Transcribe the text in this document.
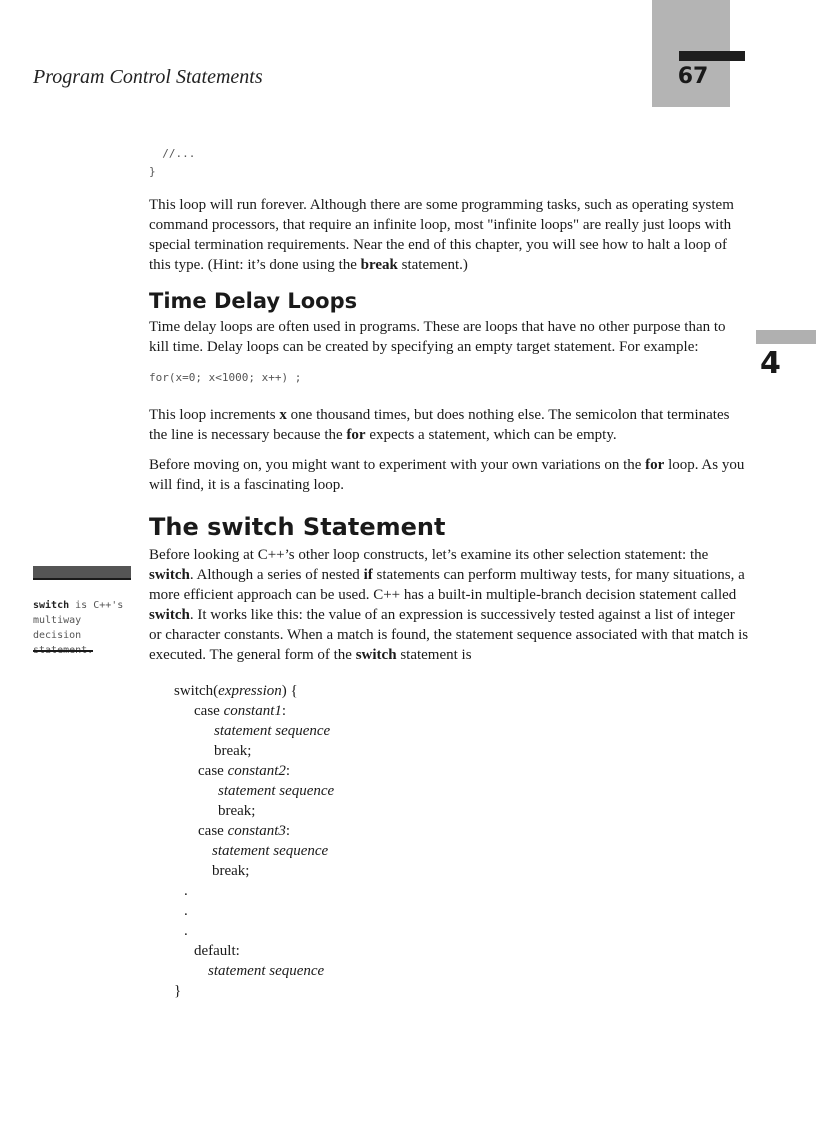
Program Control Statements	67
4
switch is C++'s multiway decision
//...
}

This loop will run forever. Although there are some programming tasks, such as operating system command processors, that require an infinite loop, most "infinite loops" are really just loops with special termination requirements. Near the end of this chapter, you will see how to halt a loop of this type. (Hint: it’s done using the break statement.)

Time Delay Loops

Time delay loops are often used in programs. These are loops that have no other purpose than to kill time. Delay loops can be created by specifying an empty target statement. For example:

for(x=0; x<1000; x++) ;

This loop increments x one thousand times, but does nothing else. The semicolon that terminates the line is necessary because the for expects a statement, which can be empty.

Before moving on, you might want to experiment with your own variations on the for loop. As you will find, it is a fascinating loop.

The switch Statement

Before looking at C++’s other loop constructs, let’s examine its other selection statement: the switch. Although a series of nested if statements can perform multiway tests, for many situations, a more efficient approach can be used. C++ has a built-in multiple-branch decision statement called switch. It works like this: the value of an expression is successively tested against a list of integer or character constants. When a match is found, the statement sequence associated with that match is executed. The general form of the switch statement is

switch(expression) {
case constant1:
statement sequence
break;
case constant2:
statement sequence
break;
case constant3:
statement sequence
break;
.
.
.
default:
statement sequence
}
